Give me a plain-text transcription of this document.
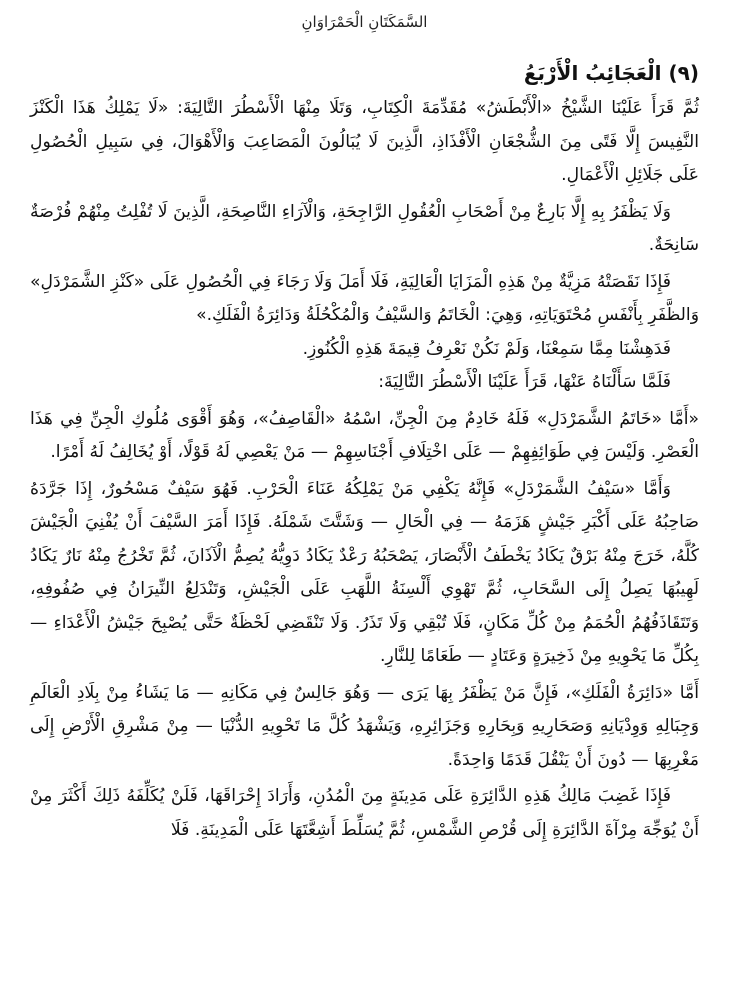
السَّمَكَتَانِ الْحَمْرَاوَانِ
(٩) الْعَجَائِبُ الْأَرْبَعُ

ثُمَّ قَرَأَ عَلَيْنَا الشَّيْخُ «الْأَبْطَشُ» مُقَدِّمَةَ الْكِتَابِ، وَتَلَا مِنْهَا الْأَسْطُرَ التَّالِيَةَ: «لَا يَمْلِكُ هَذَا الْكَنْزَ النَّفِيسَ إِلَّا فَتًى مِنَ الشُّجْعَانِ الْأَفْذَاذِ، الَّذِينَ لَا يُبَالُونَ الْمَصَاعِبَ وَالْأَهْوَالَ، فِي سَبِيلِ الْحُصُولِ عَلَى جَلَائِلِ الْأَعْمَالِ.

وَلَا يَظْفَرُ بِهِ إِلَّا بَارِعٌ مِنْ أَصْحَابِ الْعُقُولِ الرَّاجِحَةِ، وَالْآرَاءِ النَّاصِحَةِ، الَّذِينَ لَا تُفْلِتُ مِنْهُمْ فُرْصَةٌ سَانِحَةٌ.

فَإِذَا نَقَصَتْهُ مَزِيَّةٌ مِنْ هَذِهِ الْمَزَايَا الْعَالِيَةِ، فَلَا أَمَلَ وَلَا رَجَاءَ فِي الْحُصُولِ عَلَى «كَنْزِ الشَّمَرْدَلِ» وَالظَّفَرِ بِأَنْفَسِ مُحْتَوَيَاتِهِ، وَهِيَ: الْخَاتَمُ وَالسَّيْفُ وَالْمُكْحُلَةُ وَدَائِرَةُ الْفَلَكِ.»

فَدَهِشْنَا مِمَّا سَمِعْنَا، وَلَمْ نَكُنْ نَعْرِفُ قِيمَةَ هَذِهِ الْكُنُوزِ.

فَلَمَّا سَأَلْنَاهُ عَنْهَا، قَرَأَ عَلَيْنَا الْأَسْطُرَ التَّالِيَةَ:

«أَمَّا «خَاتَمُ الشَّمَرْدَلِ» فَلَهُ خَادِمٌ مِنَ الْجِنِّ، اسْمُهُ «الْقَاصِفُ»، وَهُوَ أَقْوَى مُلُوكِ الْجِنِّ فِي هَذَا الْعَصْرِ. وَلَيْسَ فِي طَوَائِفِهِمْ — عَلَى اخْتِلَافِ أَجْنَاسِهِمْ — مَنْ يَعْصِي لَهُ قَوْلًا، أَوْ يُخَالِفُ لَهُ أَمْرًا.

وَأَمَّا «سَيْفُ الشَّمَرْدَلِ» فَإِنَّهُ يَكْفِي مَنْ يَمْلِكُهُ عَنَاءَ الْحَرْبِ. فَهُوَ سَيْفٌ مَسْحُورٌ، إِذَا جَرَّدَهُ صَاحِبُهُ عَلَى أَكْبَرِ جَيْشٍ هَزَمَهُ — فِي الْحَالِ — وَشَتَّتَ شَمْلَهُ. فَإِذَا أَمَرَ السَّيْفَ أَنْ يُفْنِيَ الْجَيْشَ كُلَّهُ، خَرَجَ مِنْهُ بَرْقٌ يَكَادُ يَخْطَفُ الْأَبْصَارَ، يَصْحَبُهُ رَعْدٌ يَكَادُ دَوِيُّهُ يُصِمُّ الْآذَانَ، ثُمَّ تَخْرُجُ مِنْهُ نَارٌ يَكَادُ لَهِيبُهَا يَصِلُ إِلَى السَّحَابِ، ثُمَّ تَهْوِي أَلْسِنَةُ اللَّهَبِ عَلَى الْجَيْشِ، وَتَنْدَلِعُ النِّيرَانُ فِي صُفُوفِهِ، وَتَتَقَاذَفُهُمُ الْحُمَمُ مِنْ كُلِّ مَكَانٍ، فَلَا تُبْقِي وَلَا تَذَرُ. وَلَا تَنْقَضِي لَحْظَةٌ حَتَّى يُصْبِحَ جَيْشُ الْأَعْدَاءِ — بِكُلِّ مَا يَحْوِيهِ مِنْ ذَخِيرَةٍ وَعَتَادٍ — طَعَامًا لِلنَّارِ.

أَمَّا «دَائِرَةُ الْفَلَكِ»، فَإِنَّ مَنْ يَظْفَرُ بِهَا يَرَى — وَهُوَ جَالِسٌ فِي مَكَانِهِ — مَا يَشَاءُ مِنْ بِلَادِ الْعَالَمِ وَجِبَالِهِ وَوِدْيَانِهِ وَصَحَارِيهِ وَبِحَارِهِ وَجَزَائِرِهِ، وَيَشْهَدُ كُلَّ مَا تَحْوِيهِ الدُّنْيَا — مِنْ مَشْرِقِ الْأَرْضِ إِلَى مَغْرِبِهَا — دُونَ أَنْ يَنْقُلَ قَدَمًا وَاحِدَةً.

فَإِذَا غَضِبَ مَالِكُ هَذِهِ الدَّائِرَةِ عَلَى مَدِينَةٍ مِنَ الْمُدُنِ، وَأَرَادَ إِحْرَاقَهَا، فَلَنْ يُكَلِّفَهُ ذَلِكَ أَكْثَرَ مِنْ أَنْ يُوَجِّهَ مِرْآةَ الدَّائِرَةِ إِلَى قُرْصِ الشَّمْسِ، ثُمَّ يُسَلِّطَ أَشِعَّتَهَا عَلَى الْمَدِينَةِ. فَلَا
